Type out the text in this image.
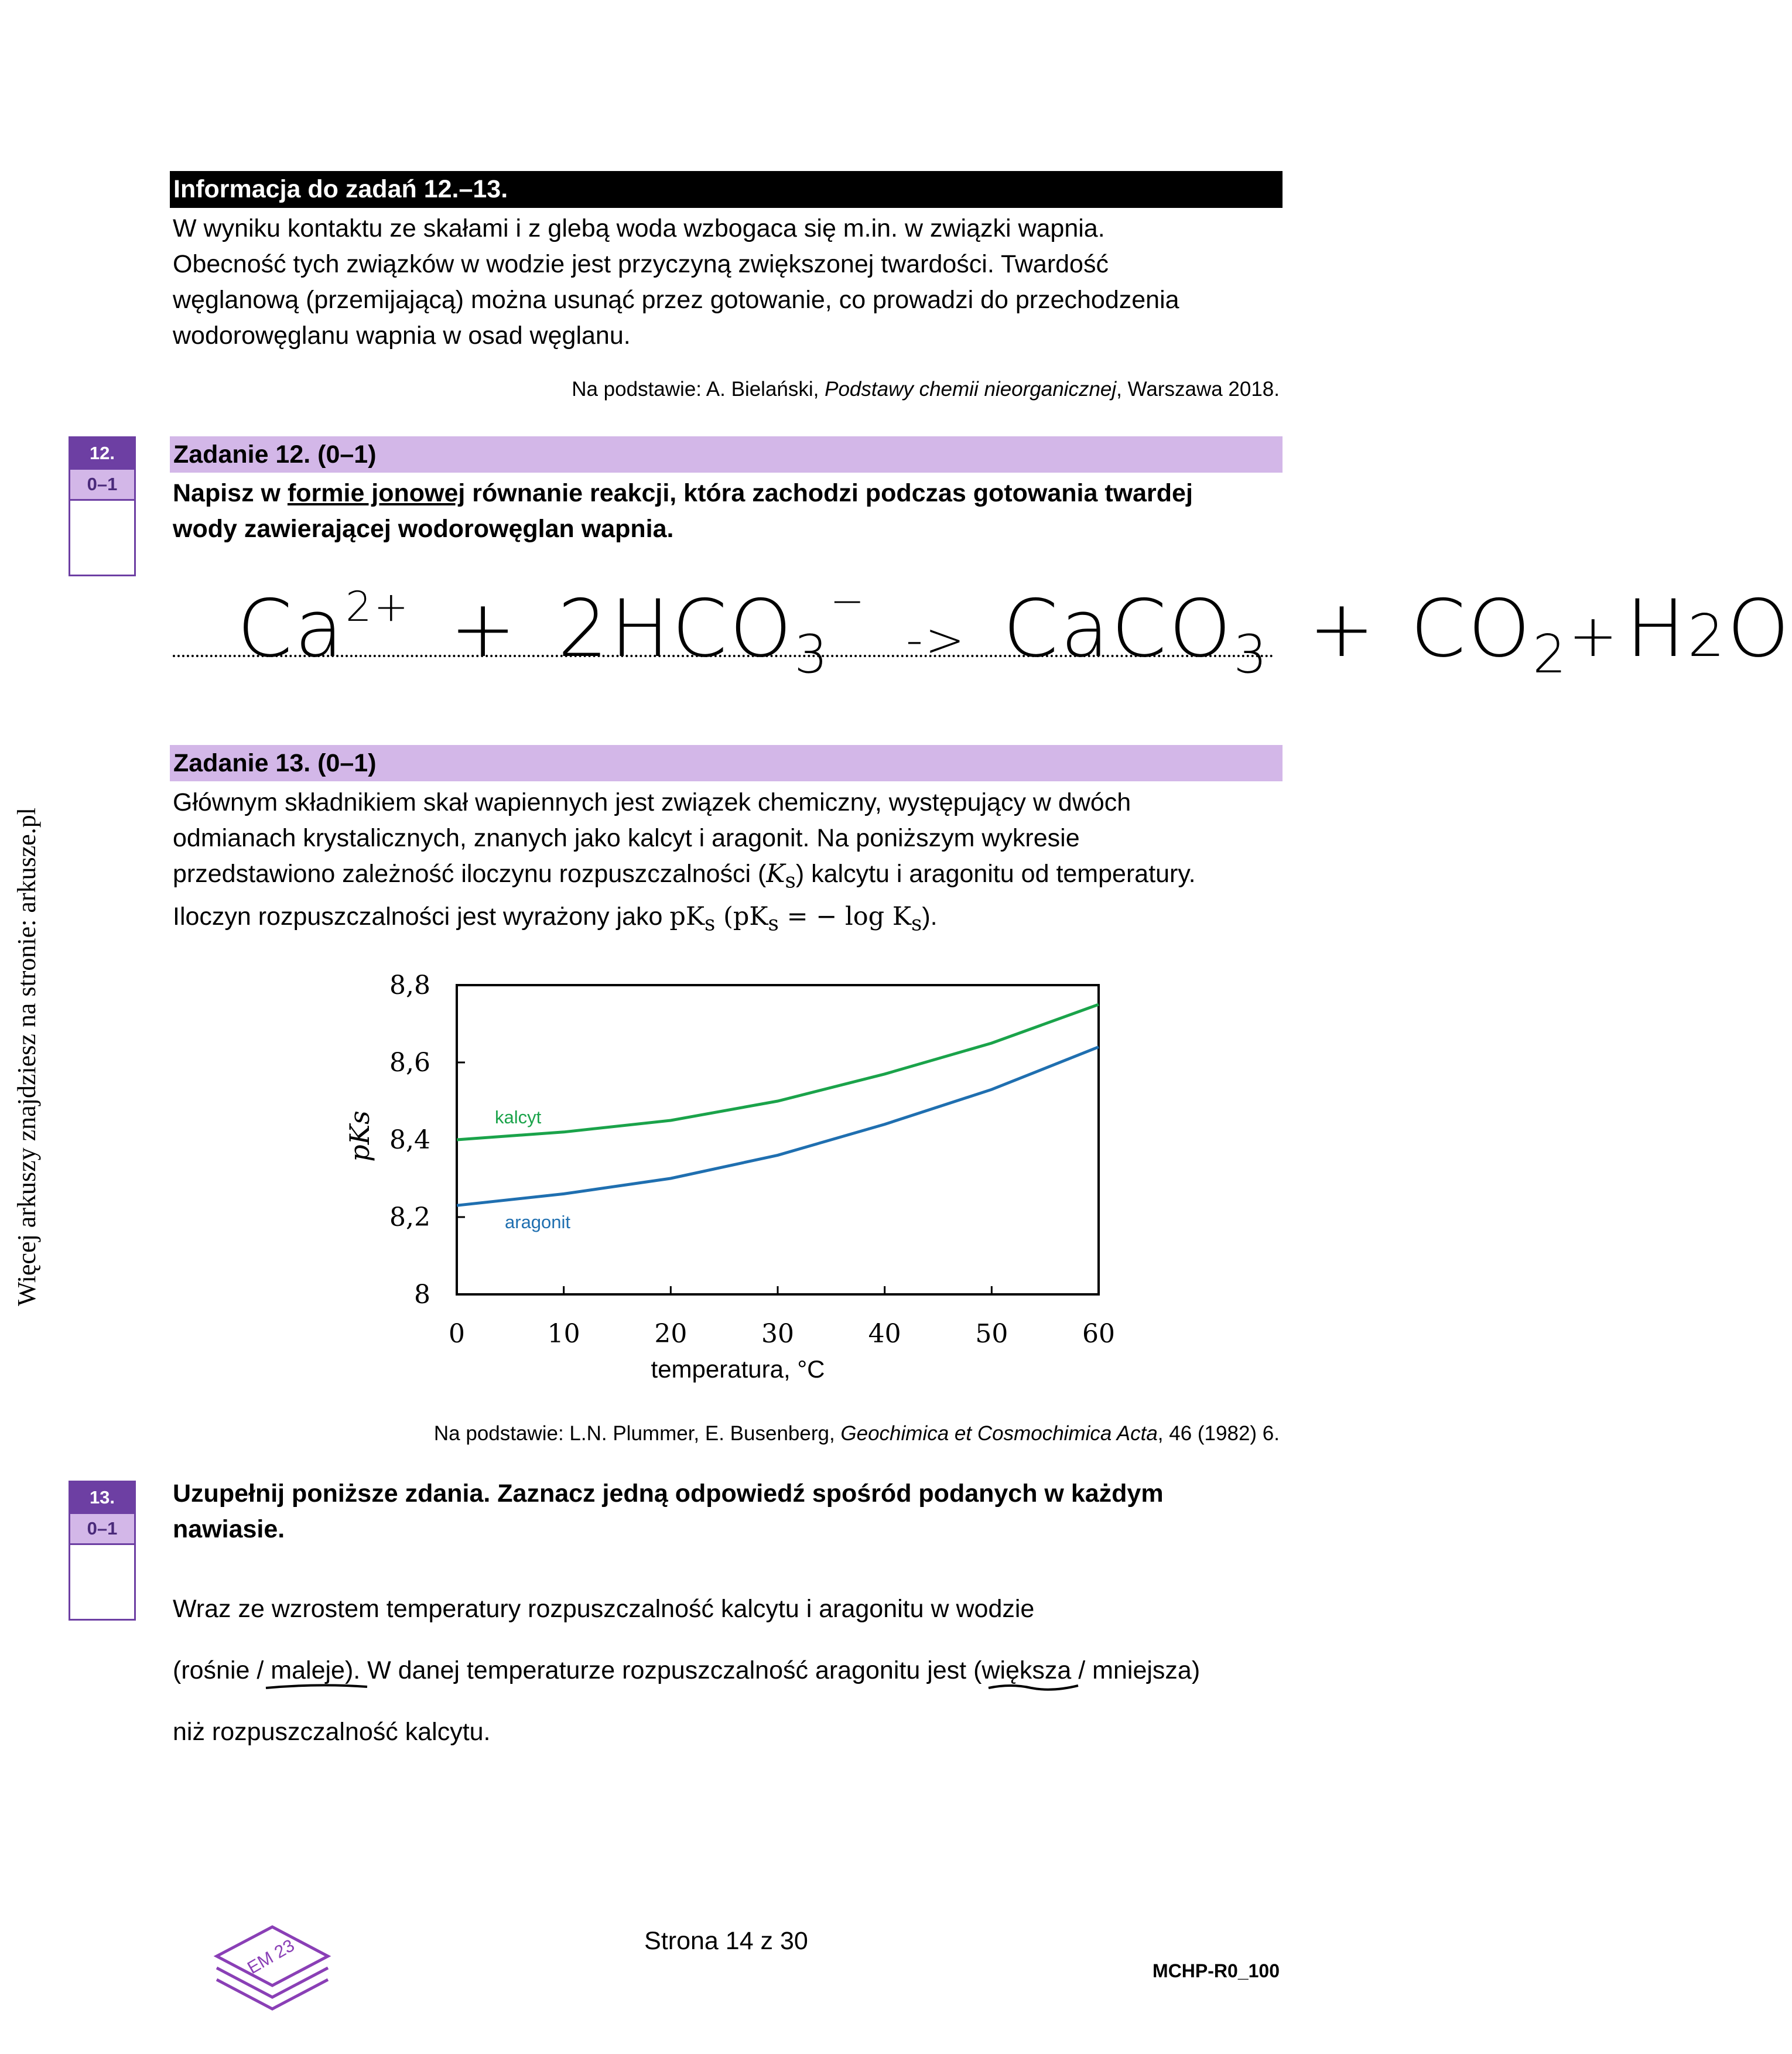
Więcej arkuszy znajdziesz na stronie: arkusze.pl
Informacja do zadań 12.–13.
W wyniku kontaktu ze skałami i z glebą woda wzbogaca się m.in. w związki wapnia.
Obecność tych związków w wodzie jest przyczyną zwiększonej twardości. Twardość
węglanową (przemijającą) można usunąć przez gotowanie, co prowadzi do przechodzenia
wodorowęglanu wapnia w osad węglanu.
Na podstawie: A. Bielański, Podstawy chemii nieorganicznej, Warszawa 2018.
12.
0–1
Zadanie 12. (0–1)
Napisz w formie jonowej równanie reakcji, która zachodzi podczas gotowania twardej
wody zawierającej wodorowęglan wapnia.
$Ca^{2+} + 2HCO_3^-$ -> CaCO$_3$ + $CO_2+H2O$
Zadanie 13. (0–1)
Głównym składnikiem skał wapiennych jest związek chemiczny, występujący w dwóch
odmianach krystalicznych, znanych jako kalcyt i aragonit. Na poniższym wykresie
przedstawiono zależność iloczynu rozpuszczalności $(K_s)$ kalcytu i aragonitu od temperatury.
Iloczyn rozpuszczalności jest wyrażony jako $pK_s$ ($pK_s$ = − $\log K_s$).
8
8,2
8,4
8,6
8,8
0	10	20	30	40	50	60
kalcyt
aragonit
pKs
temperatura, °C
Na podstawie: L.N. Plummer, E. Busenberg, Geochimica et Cosmochimica Acta, 46 (1982) 6.
13.
0–1
Uzupełnij poniższe zdania. Zaznacz jedną odpowiedź spośród podanych w każdym
nawiasie.
Wraz ze wzrostem temperatury rozpuszczalność kalcytu i aragonitu w wodzie
(rośnie / maleje
). W danej temperaturze rozpuszczalność aragonitu jest (większa
/ mniejsza)
niż rozpuszczalność kalcytu.
EM 23	Strona 14 z 30
MCHP-R0_100
